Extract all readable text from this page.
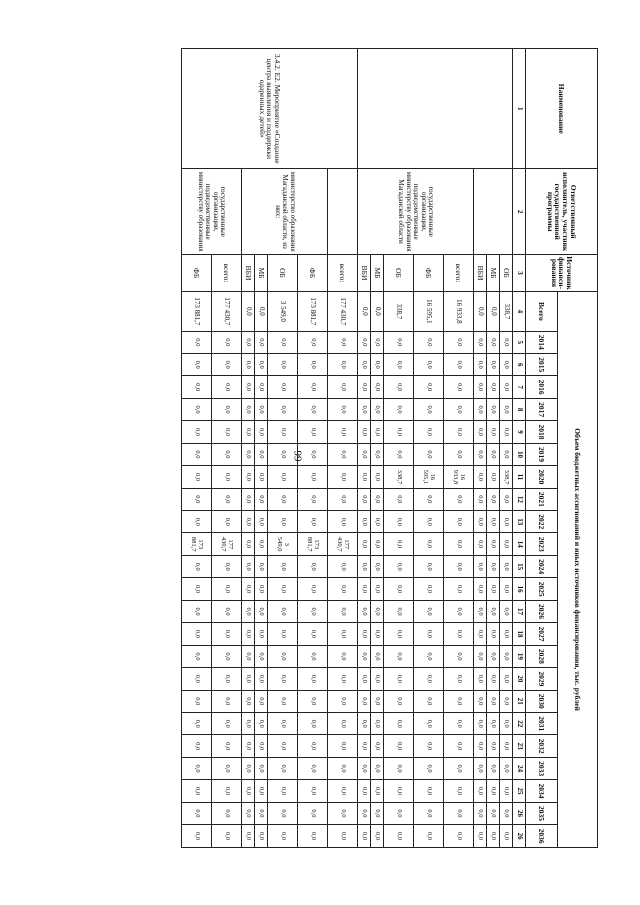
99
Наименование	Ответственный исполнитель, участник государственной программы	Источник финанси- рования	Объем бюджетных ассигнований и иных источников финансирования, тыс. рублей																							
			Всего	2014	2015	2016	2017	2018	2019	2020	2021	2022	2023	2024	2025	2026	2027	2028	2029	2030	2031	2032	2033	2034	2035	2036
1	2	3	4	5	6	7	8	9	10	11	12	13	14	15	16	17	18	19	20	21	22	23	24	25	26	26
		ОБ	338,7	0,0	0,0	0,0	0,0	0,0	0,0	338,7	0,0	0,0	0,0	0,0	0,0	0,0	0,0	0,0	0,0	0,0	0,0	0,0	0,0	0,0	0,0	0,0
		МБ	0,0	0,0	0,0	0,0	0,0	0,0	0,0	0,0	0,0	0,0	0,0	0,0	0,0	0,0	0,0	0,0	0,0	0,0	0,0	0,0	0,0	0,0	0,0	0,0
		ВБИ	0,0	0,0	0,0	0,0	0,0	0,0	0,0	0,0	0,0	0,0	0,0	0,0	0,0	0,0	0,0	0,0	0,0	0,0	0,0	0,0	0,0	0,0	0,0	0,0
	государственные организации, подведомственные министерству образования Магаданской области	всего:	16 933,8	0,0	0,0	0,0	0,0	0,0	0,0	16 933,8	0,0	0,0	0,0	0,0	0,0	0,0	0,0	0,0	0,0	0,0	0,0	0,0	0,0	0,0	0,0	0,0
		ФБ	16 595,1	0,0	0,0	0,0	0,0	0,0	0,0	16 595,1	0,0	0,0	0,0	0,0	0,0	0,0	0,0	0,0	0,0	0,0	0,0	0,0	0,0	0,0	0,0	0,0
		ОБ	338,7	0,0	0,0	0,0	0,0	0,0	0,0	338,7	0,0	0,0	0,0	0,0	0,0	0,0	0,0	0,0	0,0	0,0	0,0	0,0	0,0	0,0	0,0	0,0
		МБ	0,0	0,0	0,0	0,0	0,0	0,0	0,0	0,0	0,0	0,0	0,0	0,0	0,0	0,0	0,0	0,0	0,0	0,0	0,0	0,0	0,0	0,0	0,0	0,0
		ВБИ	0,0	0,0	0,0	0,0	0,0	0,0	0,0	0,0	0,0	0,0	0,0	0,0	0,0	0,0	0,0	0,0	0,0	0,0	0,0	0,0	0,0	0,0	0,0	0,0
3.4.2. E2. Мероприятие «Создание центра выявления и поддержки одаренных детей»		всего:	177 430,7	0,0	0,0	0,0	0,0	0,0	0,0	0,0	0,0	0,0	177 430,7	0,0	0,0	0,0	0,0	0,0	0,0	0,0	0,0	0,0	0,0	0,0	0,0	0,0
	министерство образования Магаданской области, из них:	ФБ	173 881,7	0,0	0,0	0,0	0,0	0,0	0,0	0,0	0,0	0,0	173 881,7	0,0	0,0	0,0	0,0	0,0	0,0	0,0	0,0	0,0	0,0	0,0	0,0	0,0
		ОБ	3 549,0	0,0	0,0	0,0	0,0	0,0	0,0	0,0	0,0	0,0	3 549,0	0,0	0,0	0,0	0,0	0,0	0,0	0,0	0,0	0,0	0,0	0,0	0,0	0,0
		МБ	0,0	0,0	0,0	0,0	0,0	0,0	0,0	0,0	0,0	0,0	0,0	0,0	0,0	0,0	0,0	0,0	0,0	0,0	0,0	0,0	0,0	0,0	0,0	0,0
		ВБИ	0,0	0,0	0,0	0,0	0,0	0,0	0,0	0,0	0,0	0,0	0,0	0,0	0,0	0,0	0,0	0,0	0,0	0,0	0,0	0,0	0,0	0,0	0,0	0,0
	государственные организации, подведомственные министерству образования	всего:	177 430,7	0,0	0,0	0,0	0,0	0,0	0,0	0,0	0,0	0,0	177 430,7	0,0	0,0	0,0	0,0	0,0	0,0	0,0	0,0	0,0	0,0	0,0	0,0	0,0
		ФБ	173 881,7	0,0	0,0	0,0	0,0	0,0	0,0	0,0	0,0	0,0	173 881,7	0,0	0,0	0,0	0,0	0,0	0,0	0,0	0,0	0,0	0,0	0,0	0,0	0,0
